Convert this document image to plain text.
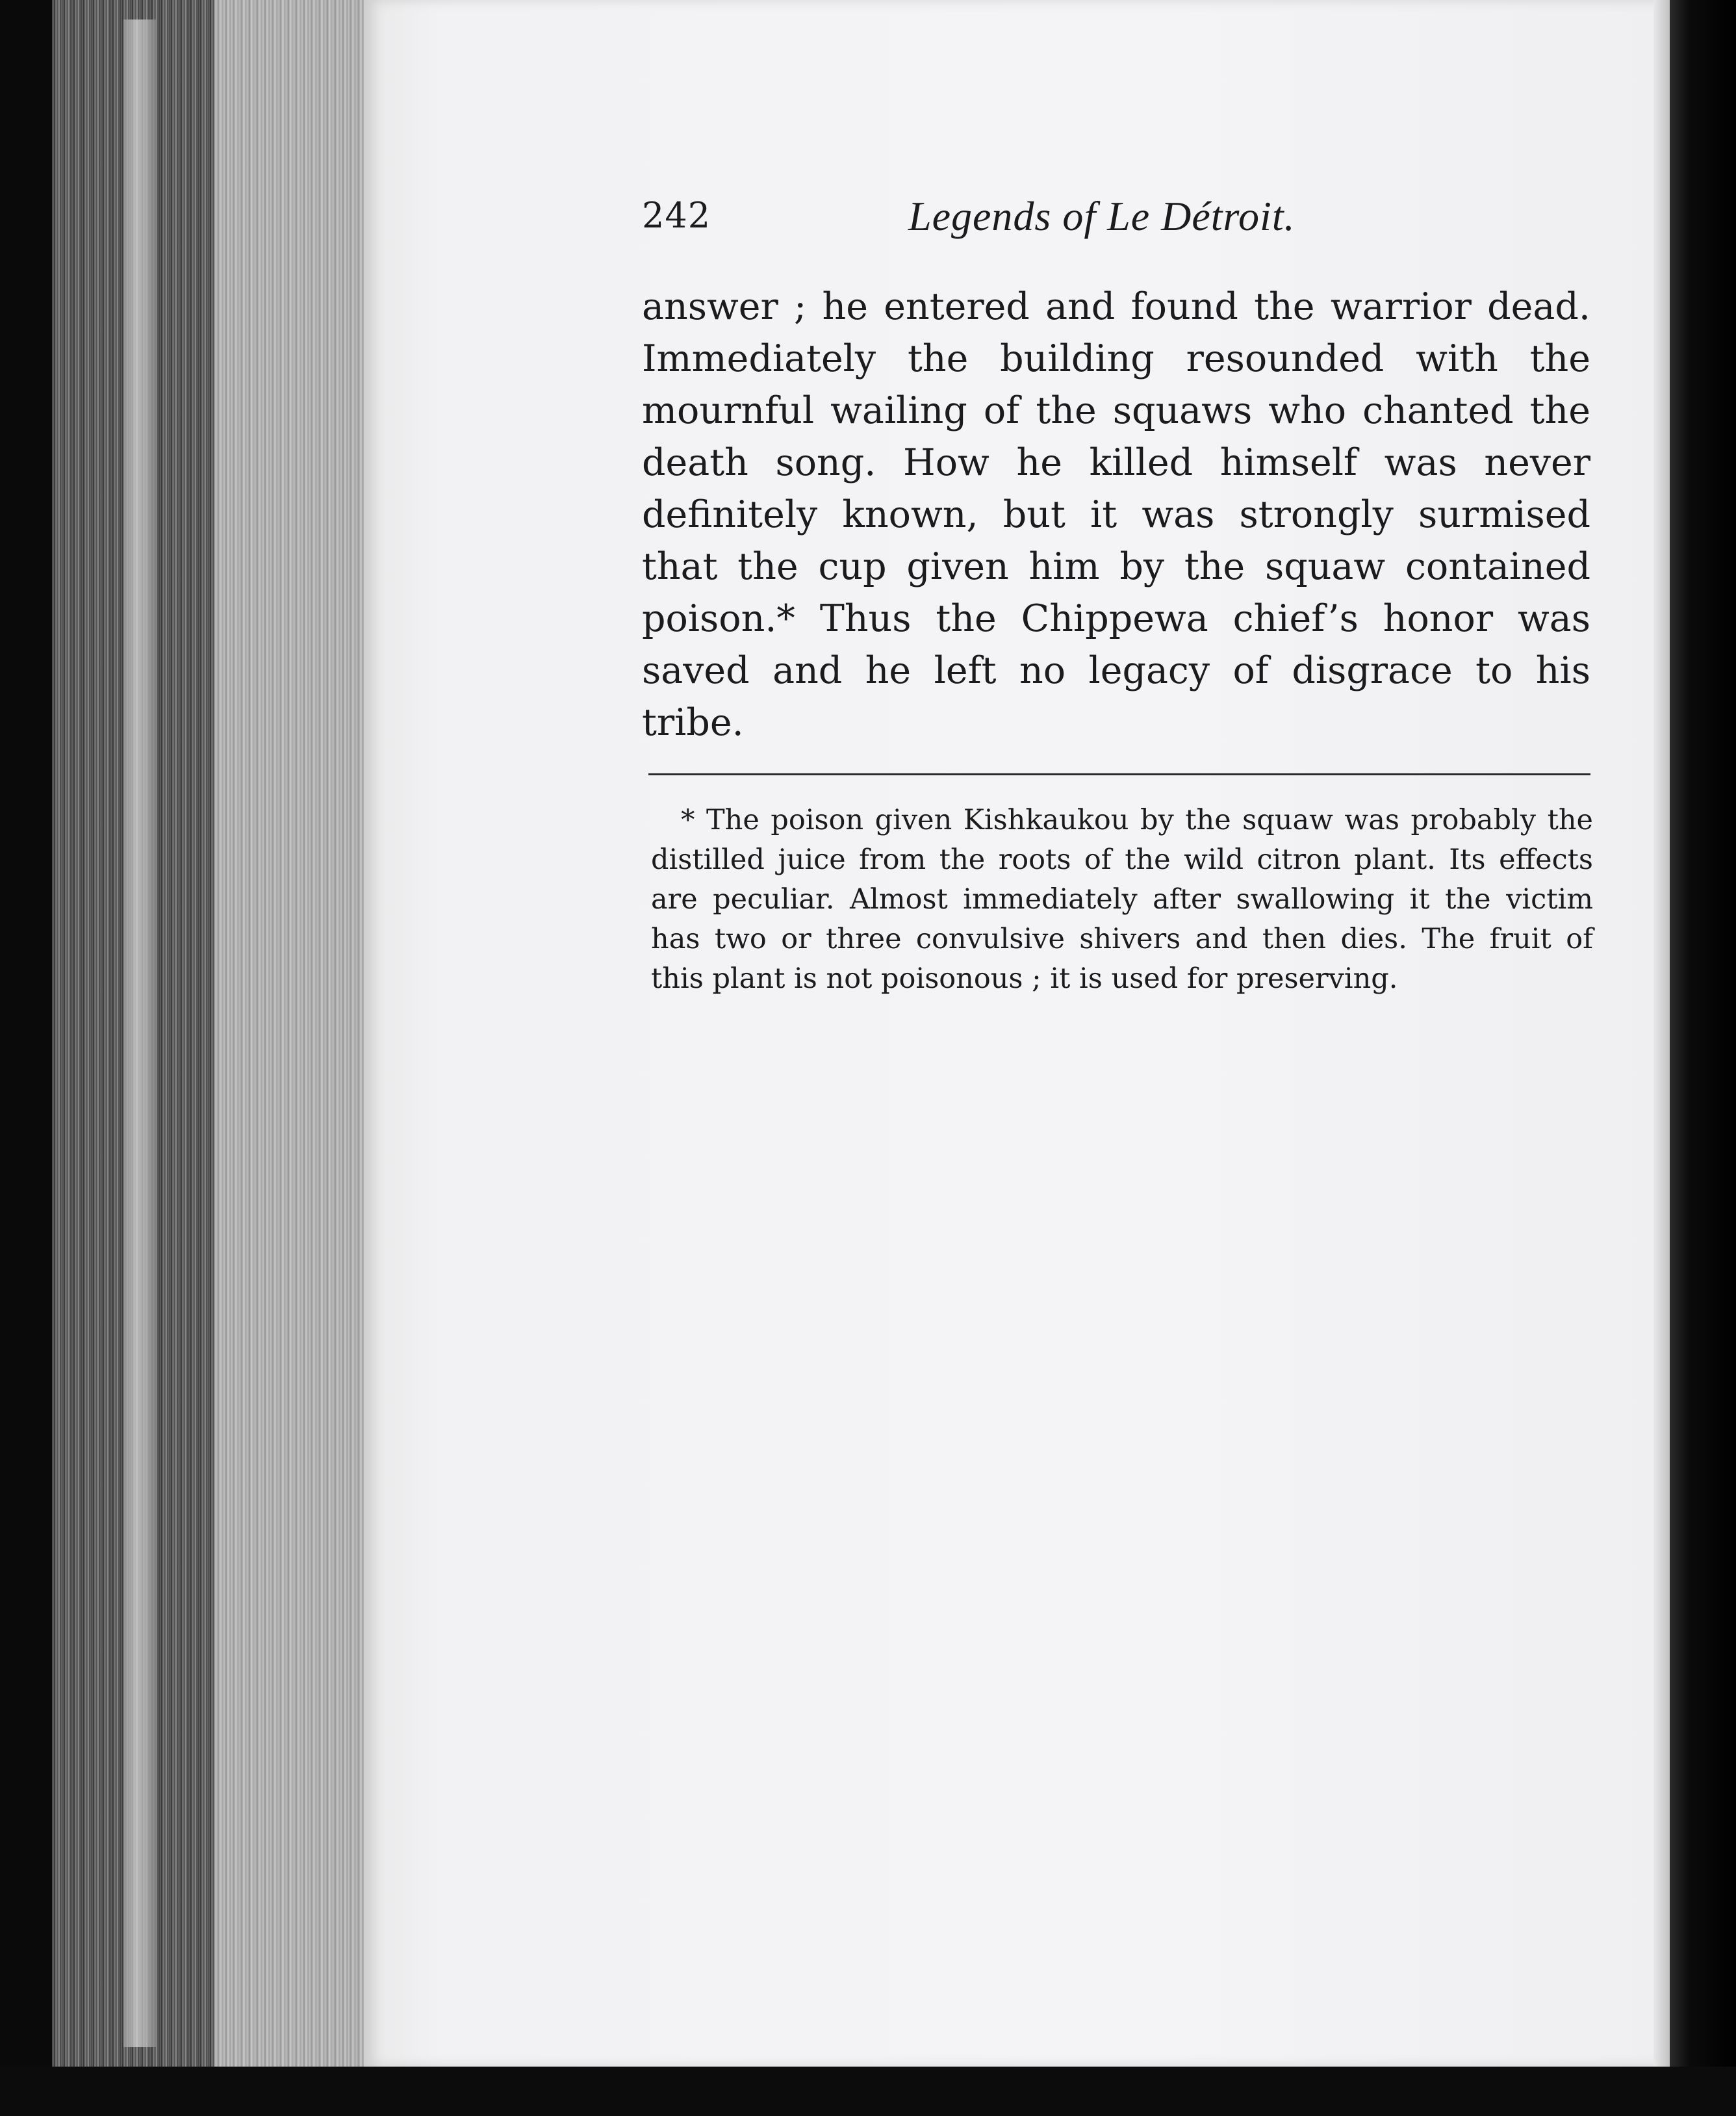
242	Legends of Le Détroit.
answer ; he entered and found the warrior dead.
Immediately the building resounded with the
mournful wailing of the squaws who chanted the
death song. How he killed himself was never
definitely known, but it was strongly surmised
that the cup given him by the squaw contained
poison.* Thus the Chippewa chief’s honor was
saved and he left no legacy of disgrace to his
tribe.
* The poison given Kishkaukou by the squaw was probably the
distilled juice from the roots of the wild citron plant. Its effects
are peculiar. Almost immediately after swallowing it the victim
has two or three convulsive shivers and then dies. The fruit of
this plant is not poisonous ; it is used for preserving.
